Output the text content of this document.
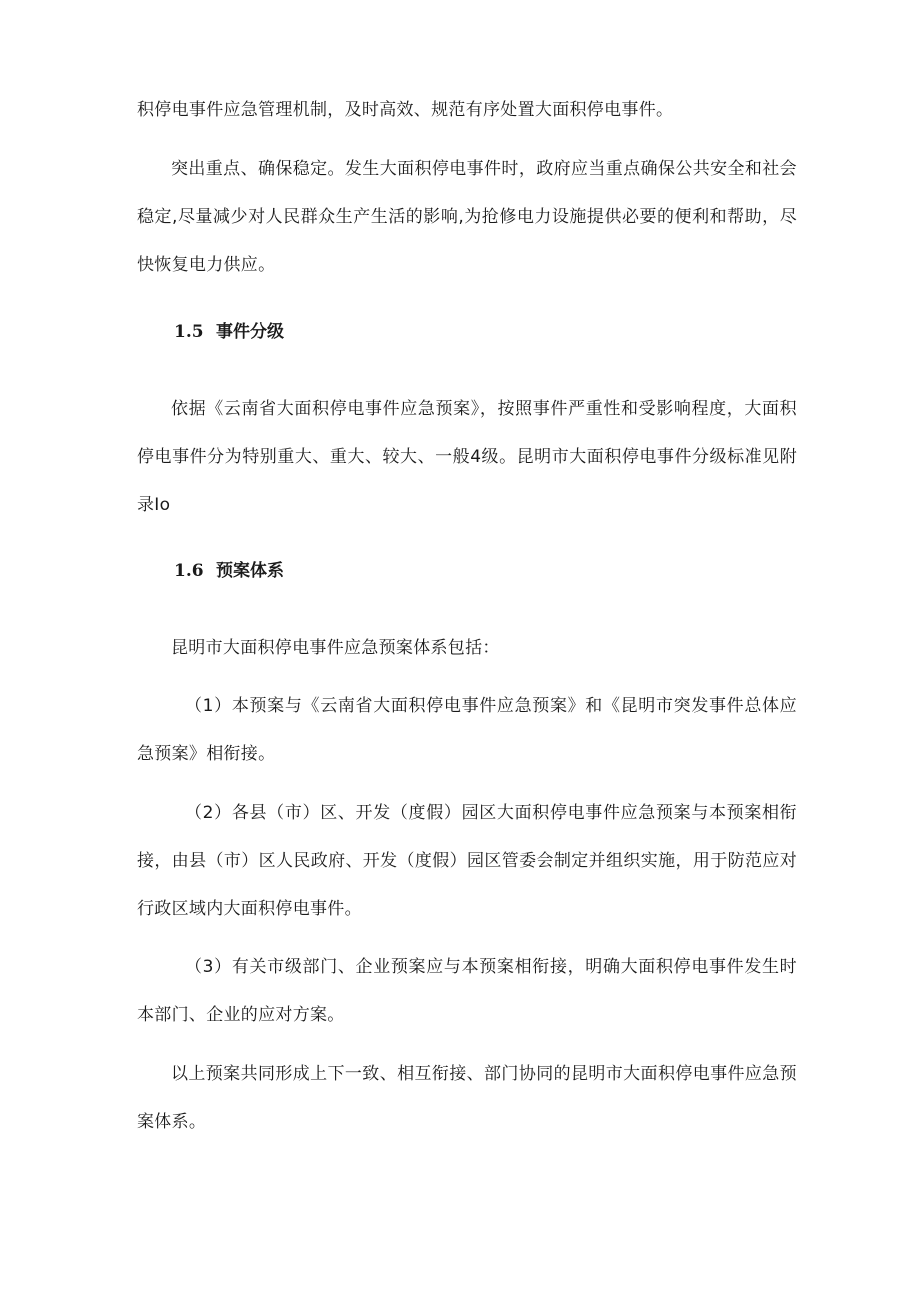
积停电事件应急管理机制，及时高效、规范有序处置大面积停电事件。

突出重点、确保稳定。发生大面积停电事件时，政府应当重点确保公共安全和社会稳定,尽量减少对人民群众生产生活的影响,为抢修电力设施提供必要的便利和帮助，尽快恢复电力供应。

1.5 事件分级

依据《云南省大面积停电事件应急预案》，按照事件严重性和受影响程度，大面积停电事件分为特别重大、重大、较大、一般4级。昆明市大面积停电事件分级标准见附录Io

1.6 预案体系

昆明市大面积停电事件应急预案体系包括：

（1）本预案与《云南省大面积停电事件应急预案》和《昆明市突发事件总体应急预案》相衔接。

（2）各县（市）区、开发（度假）园区大面积停电事件应急预案与本预案相衔接，由县（市）区人民政府、开发（度假）园区管委会制定并组织实施，用于防范应对行政区域内大面积停电事件。

（3）有关市级部门、企业预案应与本预案相衔接，明确大面积停电事件发生时本部门、企业的应对方案。

以上预案共同形成上下一致、相互衔接、部门协同的昆明市大面积停电事件应急预案体系。
